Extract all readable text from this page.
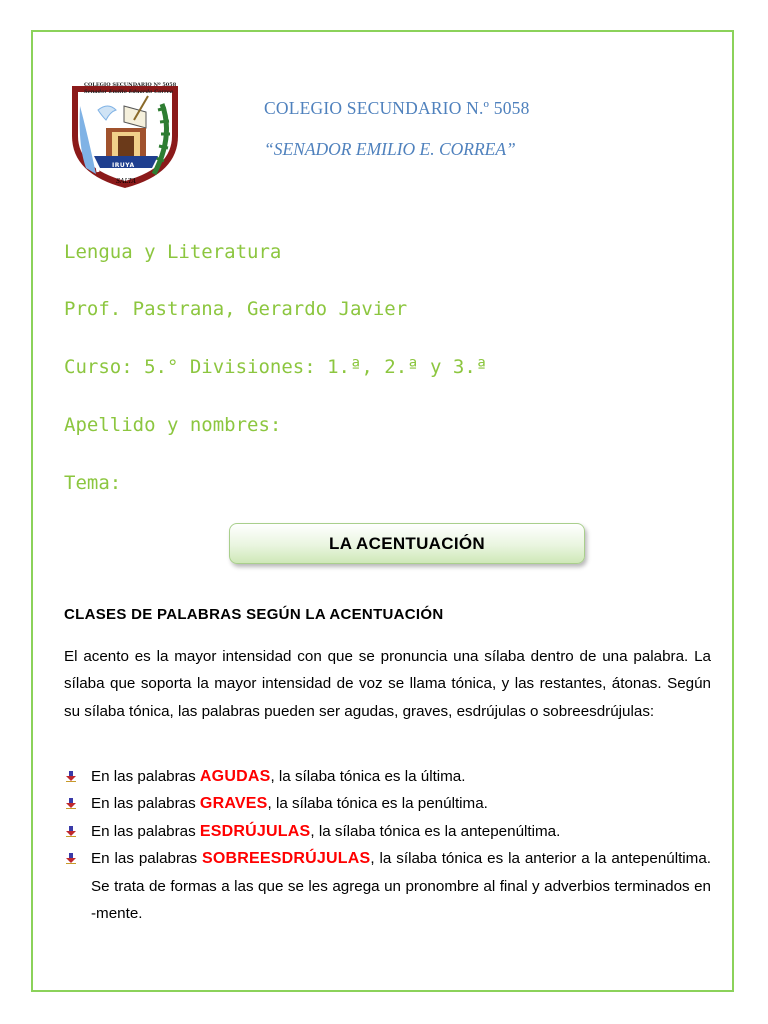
COLEGIO SECUNDARIO Nº 5058
Senador Emilio Eduardo Correa
IRUYA
SALTA
COLEGIO SECUNDARIO N.º 5058
“SENADOR EMILIO E. CORREA”
Lengua y Literatura
Prof. Pastrana, Gerardo Javier
Curso: 5.° Divisiones: 1.ª, 2.ª y 3.ª
Apellido y nombres:
Tema:
LA ACENTUACIÓN
CLASES DE PALABRAS SEGÚN LA ACENTUACIÓN

El acento es la mayor intensidad con que se pronuncia una sílaba dentro de una palabra. La sílaba que soporta la mayor intensidad de voz se llama tónica, y las restantes, átonas. Según su sílaba tónica, las palabras pueden ser agudas, graves, esdrújulas o sobreesdrújulas:

En las palabras AGUDAS, la sílaba tónica es la última.
En las palabras GRAVES, la sílaba tónica es la penúltima.
En las palabras ESDRÚJULAS, la sílaba tónica es la antepenúltima.
En las palabras SOBREESDRÚJULAS, la sílaba tónica es la anterior a la antepenúltima. Se trata de formas a las que se les agrega un pronombre al final y adverbios terminados en -mente.
